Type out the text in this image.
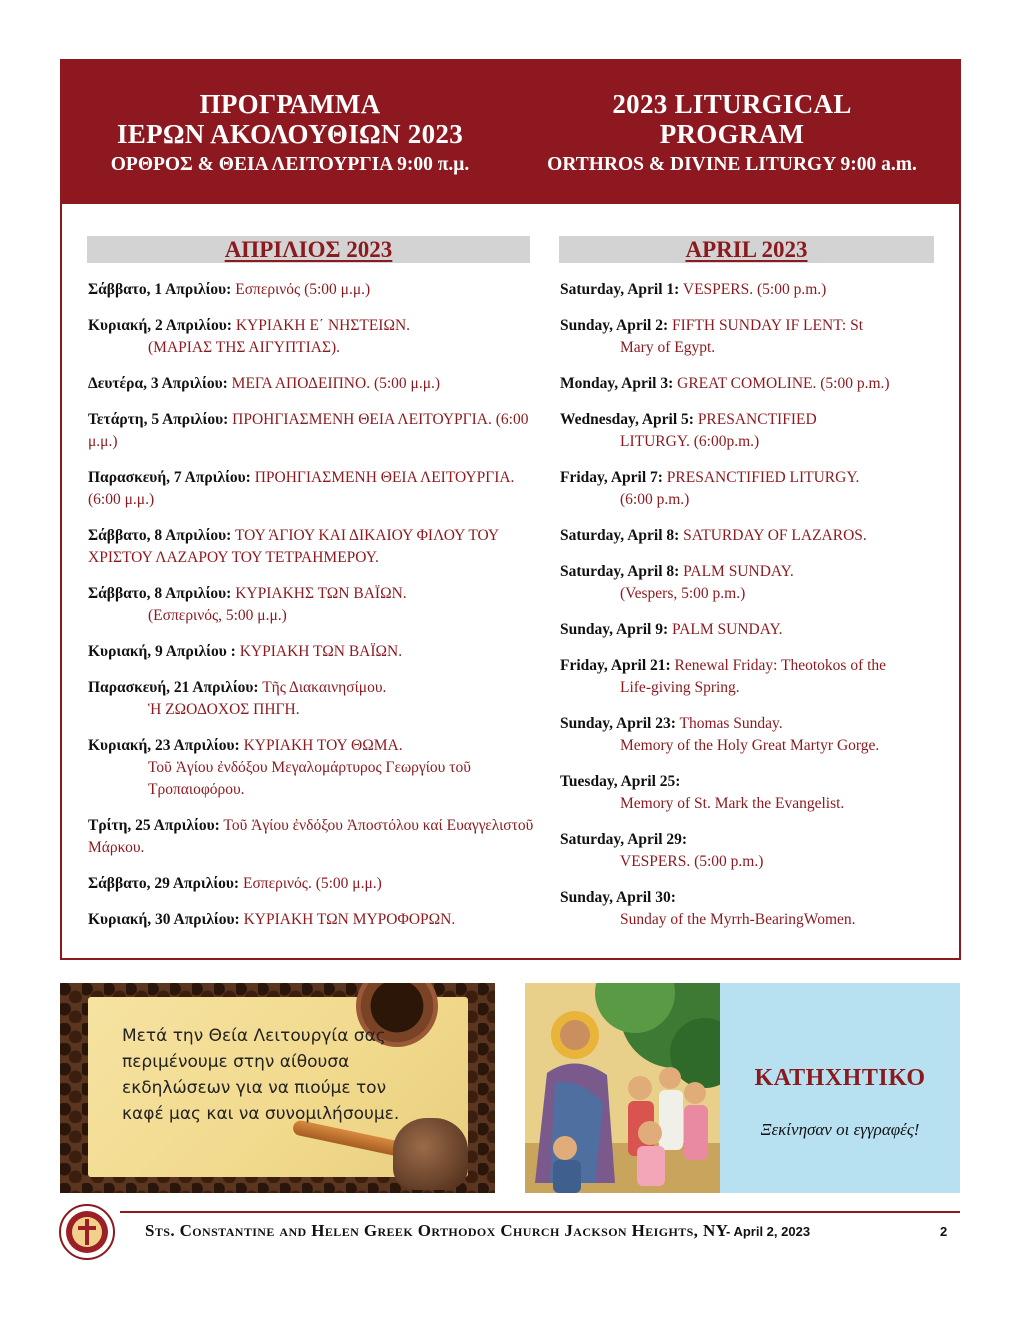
ΠΡΟΓΡΑΜΜΑ
ΙΕΡΩΝ ΑΚΟΛΟΥΘΙΩΝ 2023
ΟΡΘΡΟΣ & ΘΕΙΑ ΛΕΙΤΟΥΡΓΙΑ 9:00 π.μ.
2023 LITURGICAL
PROGRAM
ORTHROS & DIVINE LITURGY 9:00 a.m.
ΑΠΡΙΛΙΟΣ 2023	APRIL 2023
Σάββατο, 1 Απριλίου: Εσπερινός (5:00 μ.μ.)
Κυριακή, 2 Απριλίου: ΚΥΡΙΑΚΗ Ε΄ ΝΗΣΤΕΙΩΝ.
(ΜΑΡΙΑΣ ΤΗΣ ΑΙΓΥΠΤΙΑΣ).
Δευτέρα, 3 Απριλίου: ΜΕΓΑ ΑΠΟΔΕΙΠΝΟ. (5:00 μ.μ.)
Τετάρτη, 5 Απριλίου: ΠΡΟΗΓΙΑΣΜΕΝΗ ΘΕΙΑ ΛΕΙΤΟΥΡΓΙΑ. (6:00 μ.μ.)
Παρασκευή, 7 Απριλίου: ΠΡΟΗΓΙΑΣΜΕΝΗ ΘΕΙΑ ΛΕΙΤΟΥΡΓΙΑ. (6:00 μ.μ.)
Σάββατο, 8 Απριλίου: ΤΟΥ ΆΓΙΟΥ ΚΑΙ ΔΙΚΑΙΟΥ ΦΙΛΟΥ ΤΟΥ ΧΡΙΣΤΟΥ ΛΑΖΑΡΟΥ ΤΟΥ ΤΕΤΡΑΗΜΕΡΟΥ.
Σάββατο, 8 Απριλίου: ΚΥΡΙΑΚΗΣ ΤΩΝ ΒΑΪΩΝ.
(Εσπερινός, 5:00 μ.μ.)
Κυριακή, 9 Απριλίου : ΚΥΡΙΑΚΗ ΤΩΝ ΒΑΪΩΝ.
Παρασκευή, 21 Απριλίου: Τῆς Διακαινησίμου.
Ἡ ΖΩΟΔΟΧΟΣ ΠΗΓΗ.
Κυριακή, 23 Απριλίου: ΚΥΡΙΑΚΗ ΤΟΥ ΘΩΜΑ.
Τοῦ Ἁγίου ἐνδόξου Μεγαλομάρτυρος Γεωργίου τοῦ Τροπαιοφόρου.
Τρίτη, 25 Απριλίου: Τοῦ Ἁγίου ἐνδόξου Ἀποστόλου καί Ευαγγελιστοῦ Μάρκου.
Σάββατο, 29 Απριλίου: Εσπερινός. (5:00 μ.μ.)
Κυριακή, 30 Απριλίου: ΚΥΡΙΑΚΗ ΤΩΝ ΜΥΡΟΦΟΡΩΝ.
Saturday, April 1: VESPERS. (5:00 p.m.)
Sunday, April 2: FIFTH SUNDAY IF LENT: St
Mary of Egypt.
Monday, April 3: GREAT COMOLINE. (5:00 p.m.)
Wednesday, April 5: PRESANCTIFIED
LITURGY. (6:00p.m.)
Friday, April 7: PRESANCTIFIED LITURGY.
(6:00 p.m.)
Saturday, April 8: SATURDAY OF LAZAROS.
Saturday, April 8: PALM SUNDAY.
(Vespers, 5:00 p.m.)
Sunday, April 9: PALM SUNDAY.
Friday, April 21: Renewal Friday: Theotokos of the
Life-giving Spring.
Sunday, April 23: Thomas Sunday.
Memory of the Holy Great Martyr Gorge.
Tuesday, April 25:
Memory of St. Mark the Evangelist.
Saturday, April 29:
VESPERS. (5:00 p.m.)
Sunday, April 30:
Sunday of the Myrrh-BearingWomen.
Μετά την Θεία Λειτουργία σας
περιμένουμε στην αίθουσα
εκδηλώσεων για να πιούμε τον
καφέ μας και να συνομιλήσουμε.
ΚΑΤΗΧΗΤΙΚΟ
Ξεκίνησαν οι εγγραφές!
Sts. Constantine and Helen Greek Orthodox Church Jackson Heights, NY
- April 2, 2023	2
